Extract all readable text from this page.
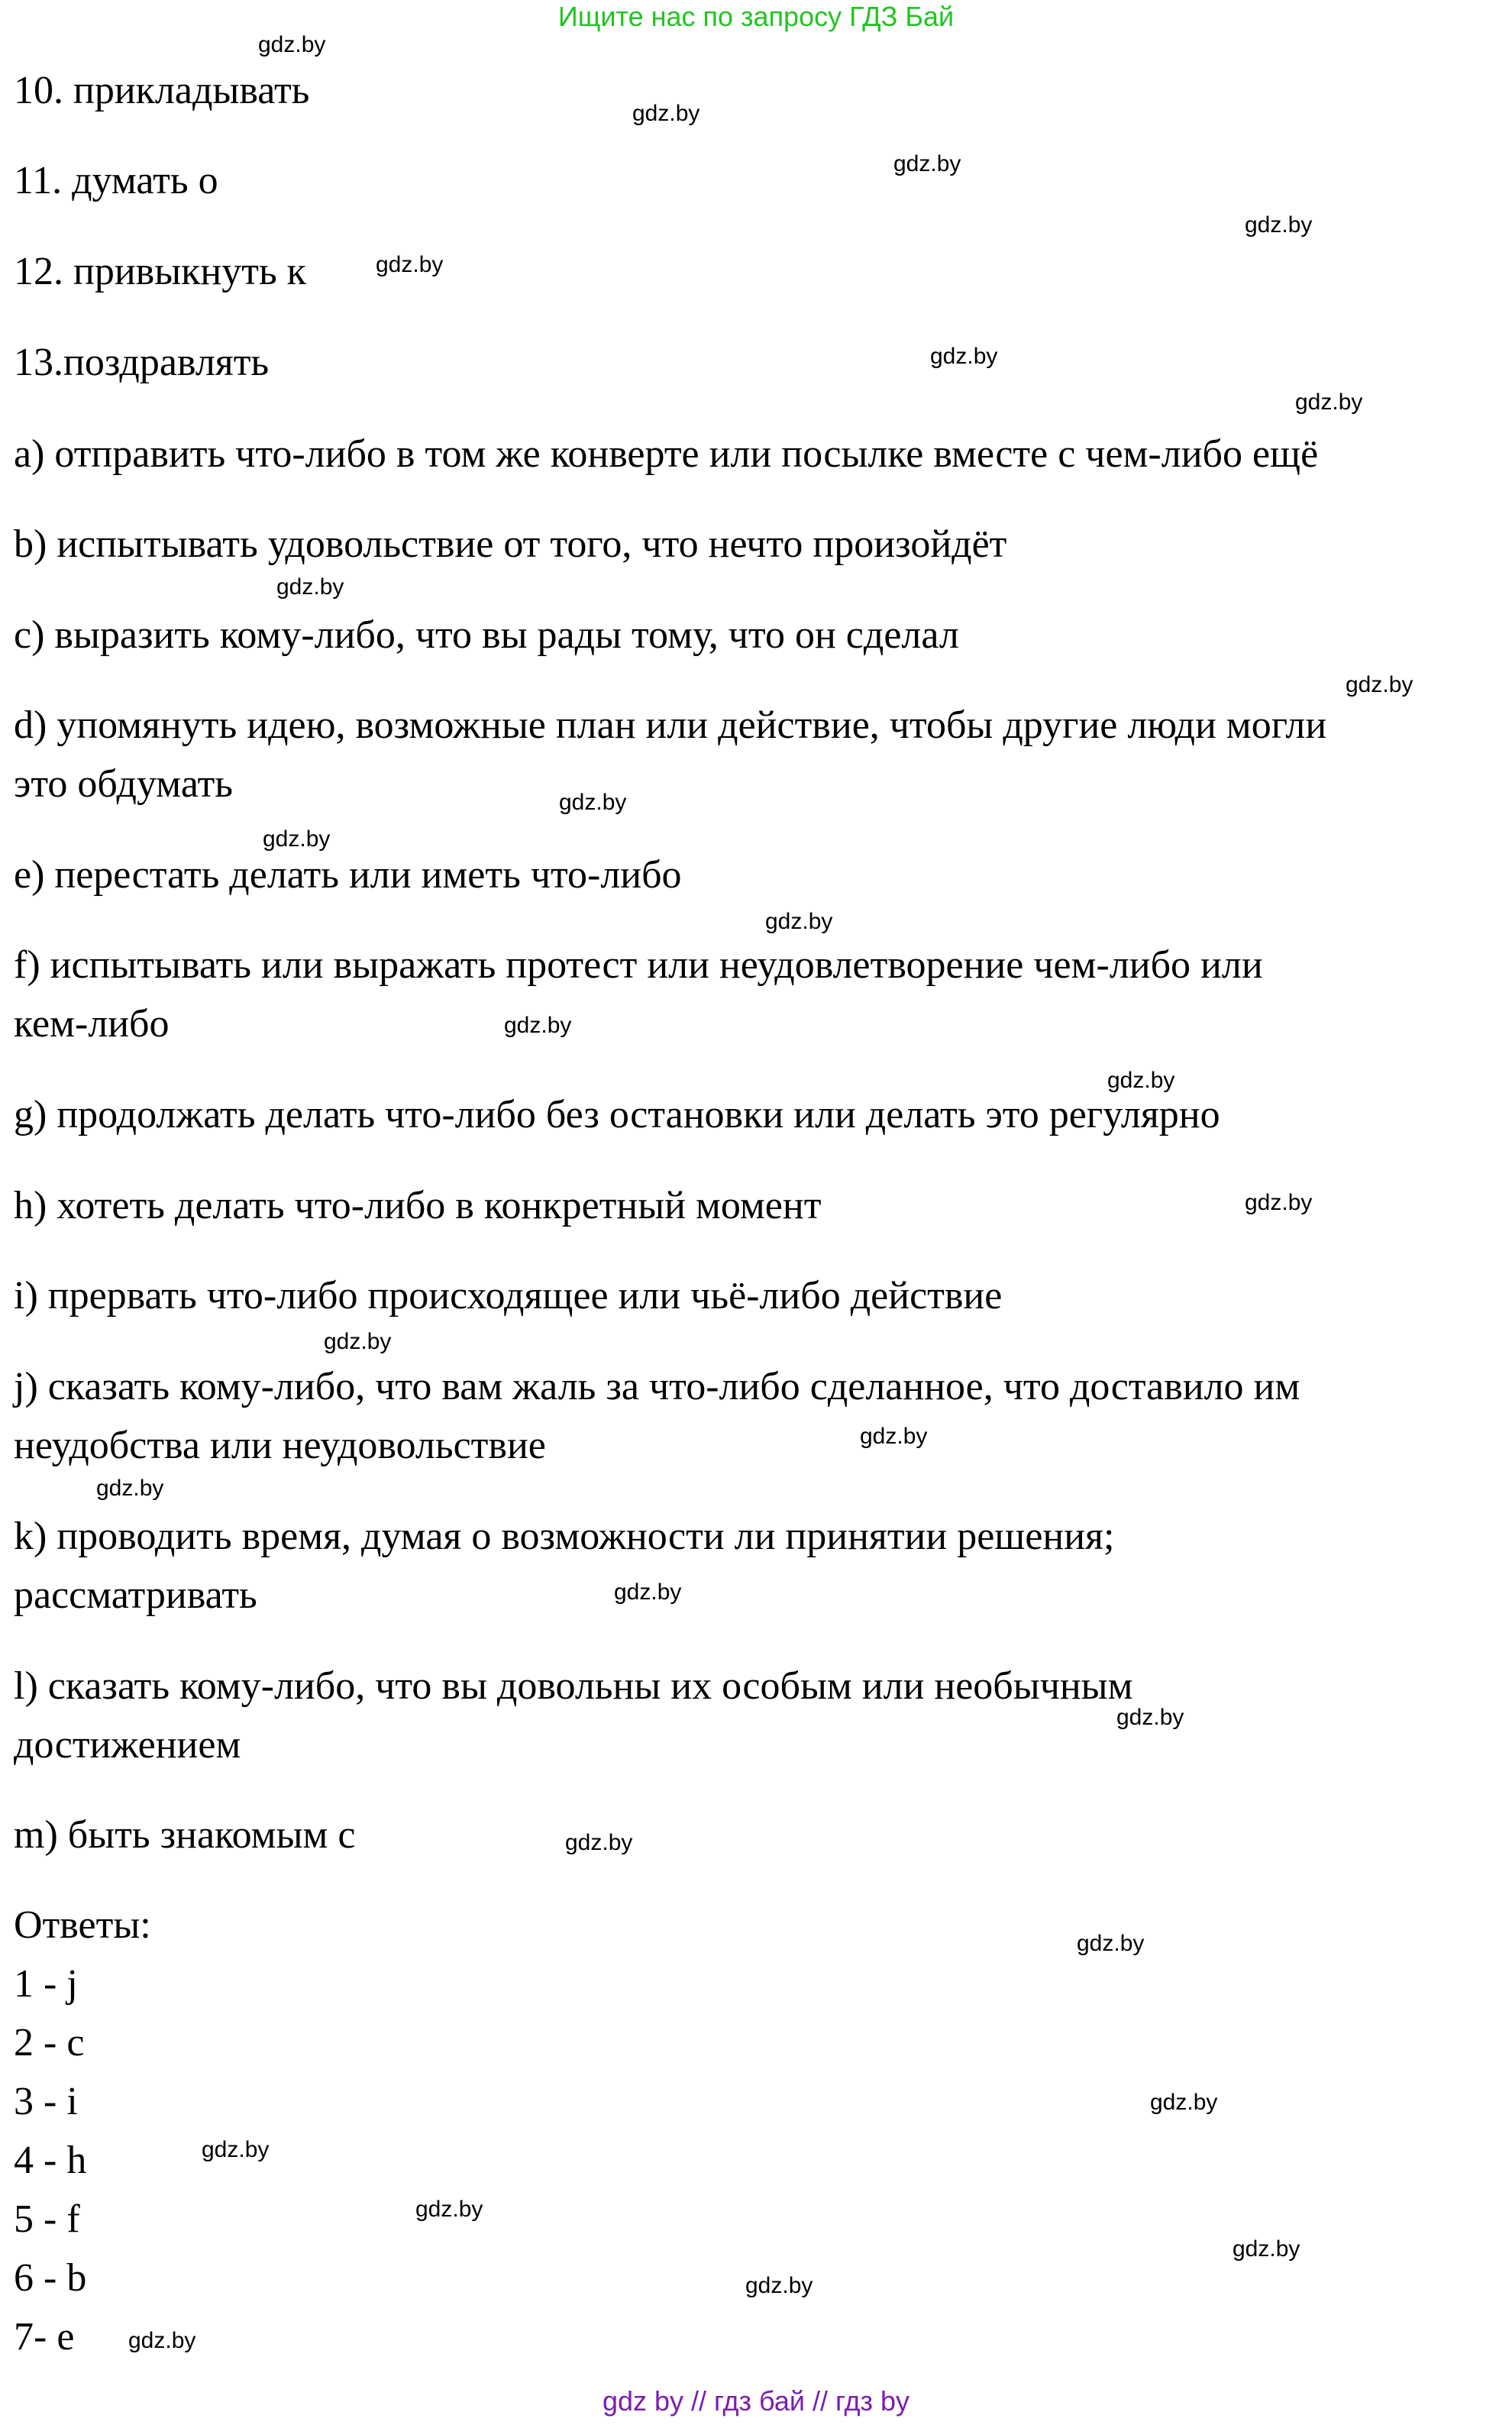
Ищите нас по запросу ГДЗ Бай
10. прикладывать
11. думать о
12. привыкнуть к
13.поздравлять
a) отправить что-либо в том же конверте или посылке вместе с чем-либо ещё
b) испытывать удовольствие от того, что нечто произойдёт
c) выразить кому-либо, что вы рады тому, что он сделал
d) упомянуть идею, возможные план или действие, чтобы другие люди могли
это обдумать
e) перестать делать или иметь что-либо
f) испытывать или выражать протест или неудовлетворение чем-либо или
кем-либо
g) продолжать делать что-либо без остановки или делать это регулярно
h) хотеть делать что-либо в конкретный момент
i) прервать что-либо происходящее или чьё-либо действие
j) сказать кому-либо, что вам жаль за что-либо сделанное, что доставило им
неудобства или неудовольствие
k) проводить время, думая о возможности ли принятии решения;
рассматривать
l) сказать кому-либо, что вы довольны их особым или необычным
достижением
m) быть знакомым с
Ответы:
1 - j
2 - c
3 - i
4 - h
5 - f
6 - b
7- e
gdz.by
gdz.by
gdz.by
gdz.by
gdz.by
gdz.by
gdz.by
gdz.by
gdz.by
gdz.by
gdz.by
gdz.by
gdz.by
gdz.by
gdz.by
gdz.by
gdz.by
gdz.by
gdz.by
gdz.by
gdz.by
gdz.by
gdz.by
gdz.by
gdz.by
gdz.by
gdz.by
gdz.by
gdz by // гдз бай // гдз by
